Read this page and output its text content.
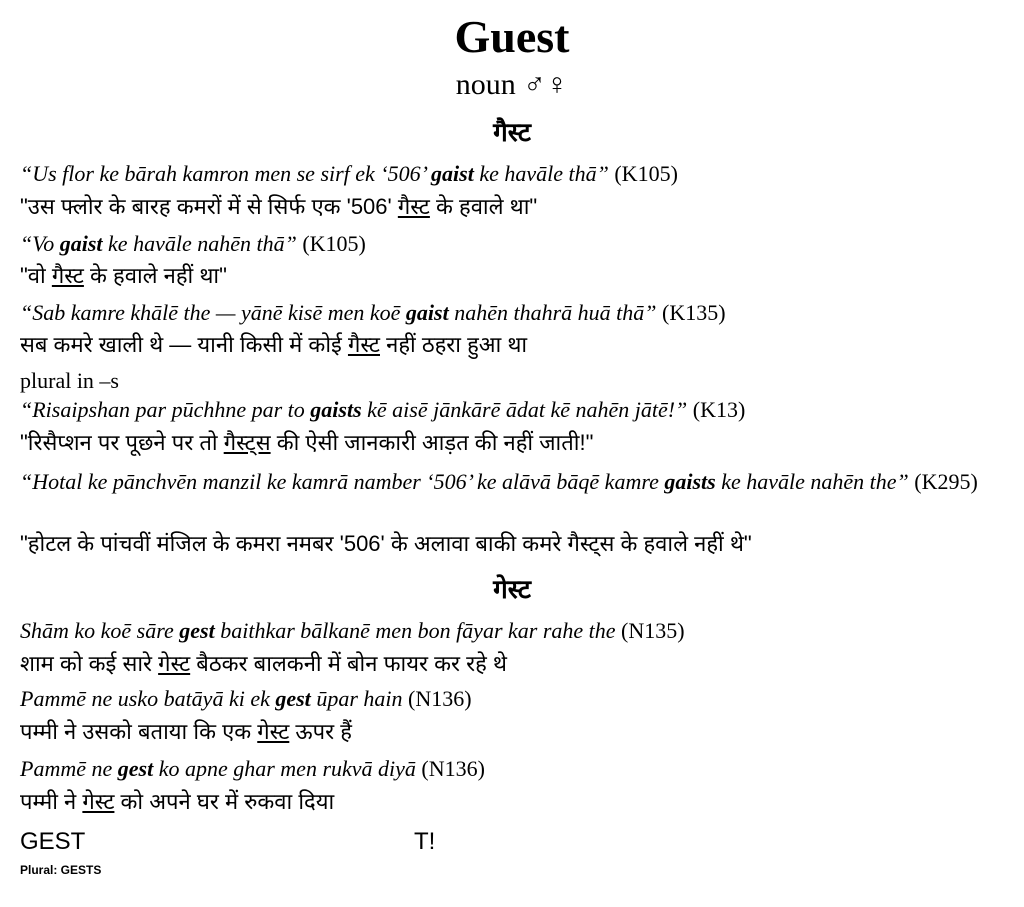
Guest
noun ♂♀
गैस्ट
“Us flor ke bārah kamron men se sirf ek ‘506’ gaist ke havāle thā” (K105)
"उस फ्लोर के बारह कमरों में से सिर्फ एक '506' गैस्ट के हवाले था"
“Vo gaist ke havāle nahēn thā” (K105)
"वो गैस्ट के हवाले नहीं था"
“Sab kamre khālē the — yānē kisē men koē gaist nahēn thahrā huā thā” (K135)
सब कमरे खाली थे — यानी किसी में कोई गैस्ट नहीं ठहरा हुआ था
plural in –s
“Risaipshan par pūchhne par to gaists kē aisē jānkārē ādat kē nahēn jātē!” (K13)
"रिसैप्शन पर पूछने पर तो गैस्ट्स की ऐसी जानकारी आड़त की नहीं जाती!"
“Hotal ke pānchvēn manzil ke kamrā namber ‘506’ ke alāvā bāqē kamre gaists ke havāle nahēn the” (K295)
"होटल के पांचवीं मंजिल के कमरा नमबर '506' के अलावा बाकी कमरे गैस्ट्स के हवाले नहीं थे"
गेस्ट
Shām ko koē sāre gest baithkar bālkanē men bon fāyar kar rahe the (N135)
शाम को कई सारे गेस्ट बैठकर बालकनी में बोन फायर कर रहे थे
Pammē ne usko batāyā ki ek gest ūpar hain (N136)
पम्मी ने उसको बताया कि एक गेस्ट ऊपर हैं
Pammē ne gest ko apne ghar men rukvā diyā (N136)
पम्मी ने गेस्ट को अपने घर में रुकवा दिया
GEST	T!
Plural: GESTS
